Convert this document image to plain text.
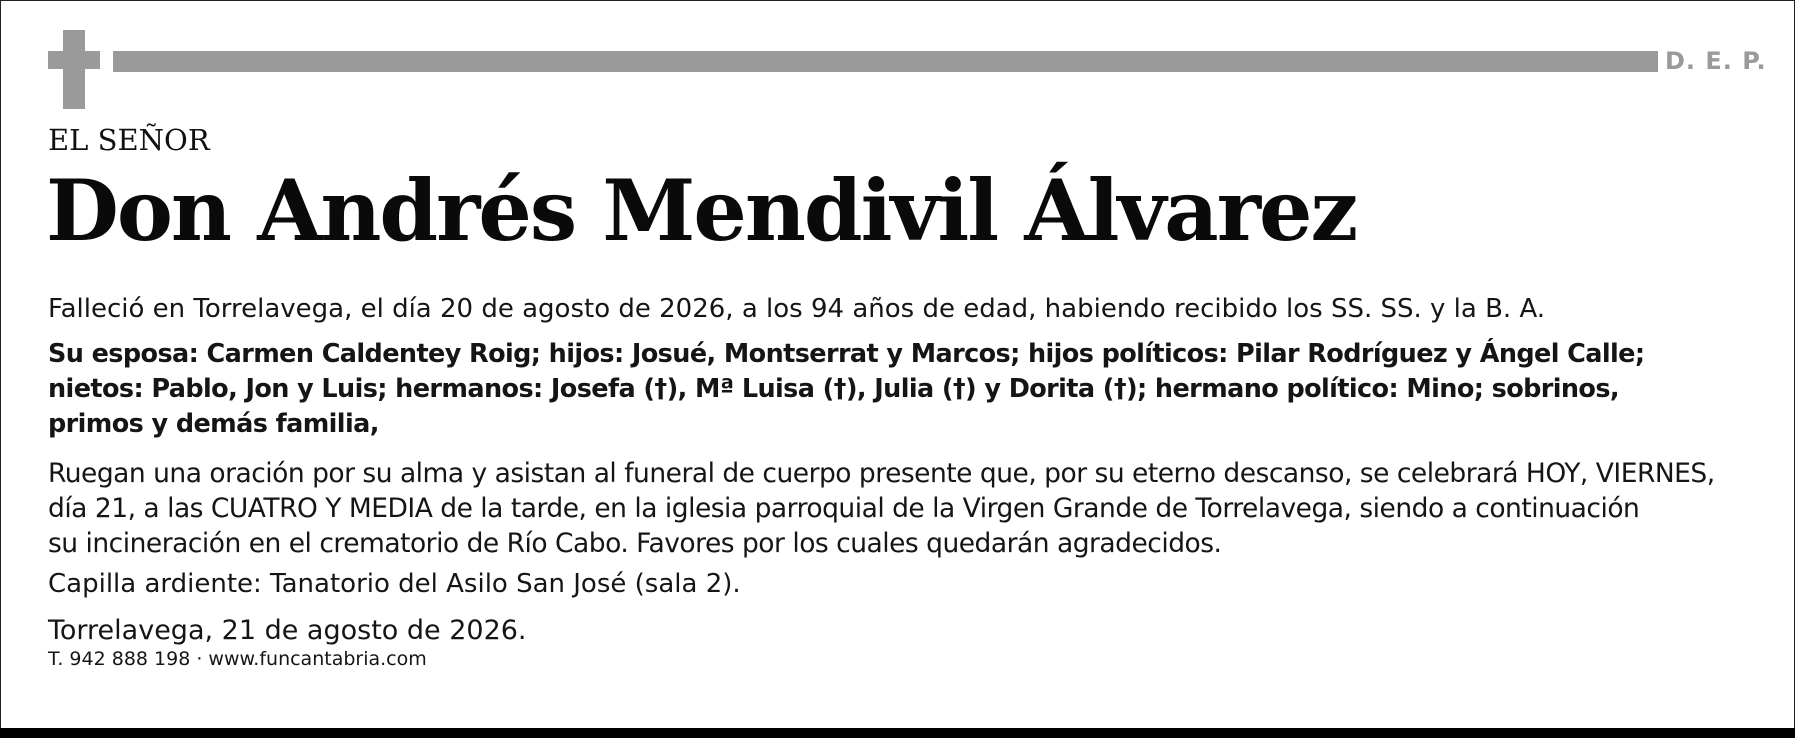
D. E. P.
EL SEÑOR
Don Andrés Mendivil Álvarez
Falleció en Torrelavega, el día 20 de agosto de 2026, a los 94 años de edad, habiendo recibido los SS. SS. y la B. A.
Su esposa: Carmen Caldentey Roig; hijos: Josué, Montserrat y Marcos; hijos políticos: Pilar Rodríguez y Ángel Calle;
nietos: Pablo, Jon y Luis; hermanos: Josefa (†), Mª Luisa (†), Julia (†) y Dorita (†); hermano político: Mino; sobrinos,
primos y demás familia,
Ruegan una oración por su alma y asistan al funeral de cuerpo presente que, por su eterno descanso, se celebrará HOY, VIERNES,
día 21, a las CUATRO Y MEDIA de la tarde, en la iglesia parroquial de la Virgen Grande de Torrelavega, siendo a continuación
su incineración en el crematorio de Río Cabo. Favores por los cuales quedarán agradecidos.
Capilla ardiente: Tanatorio del Asilo San José (sala 2).
Torrelavega, 21 de agosto de 2026.
T. 942 888 198 · www.funcantabria.com
